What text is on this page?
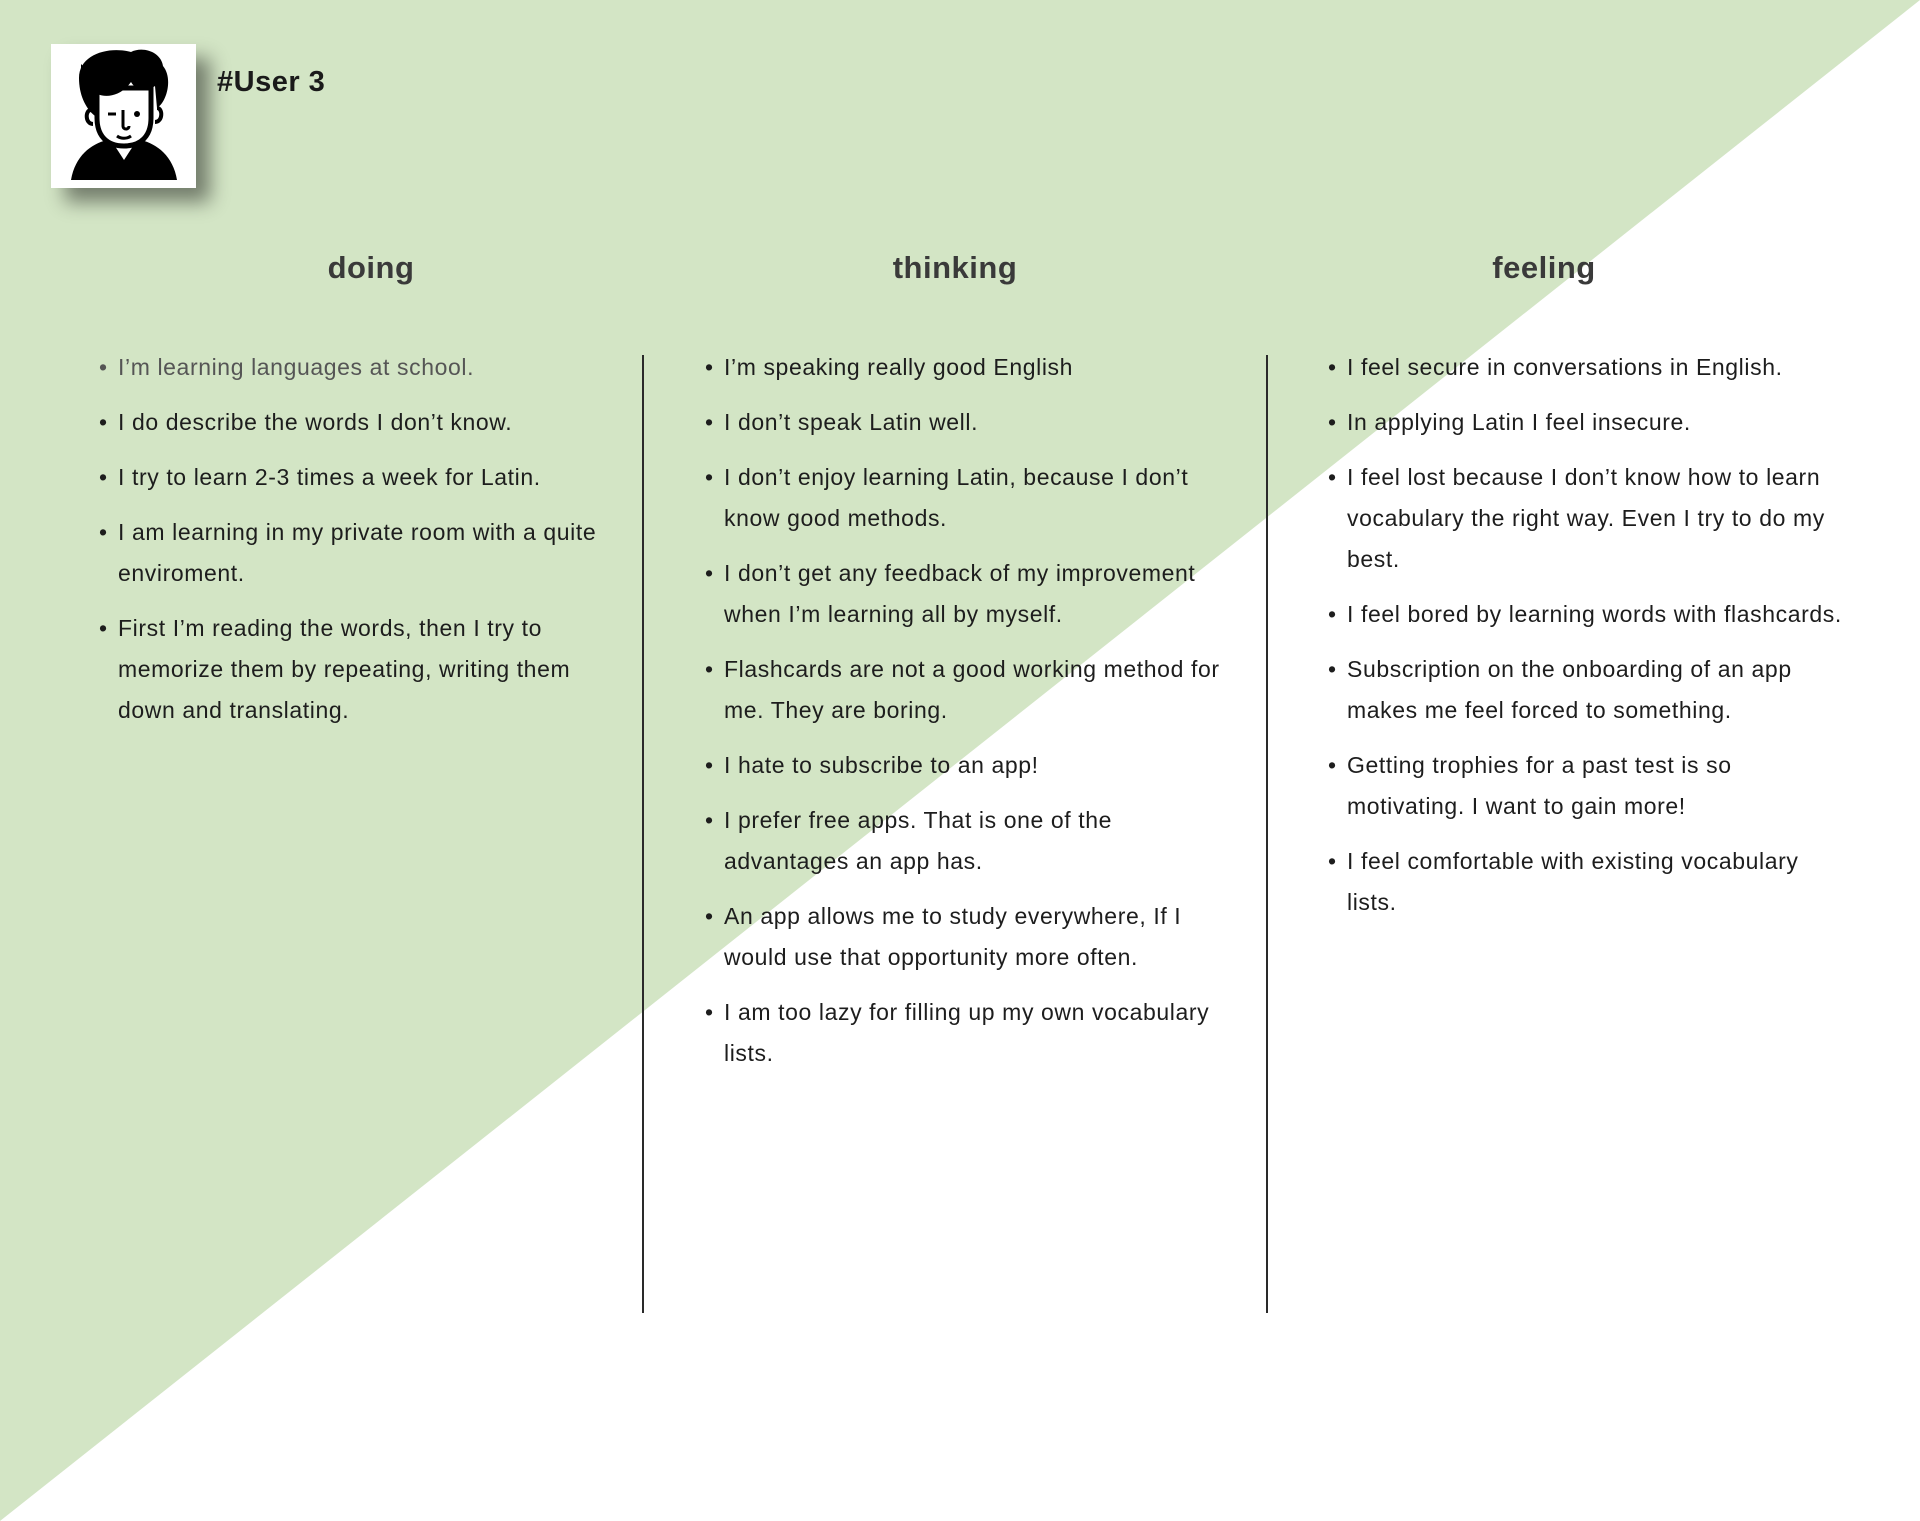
#User 3
doing	thinking	feeling
• I’m learning languages at school.
• I do describe the words I don’t know.
• I try to learn 2-3 times a week for Latin.
• I am learning in my private room with a quite enviroment.
• First I’m reading the words, then I try to memorize them by repeating, writing them down and translating.
• I’m speaking really good English
• I don’t speak Latin well.
• I don’t enjoy learning Latin, because I don’t know good methods.
• I don’t get any feedback of my improvement when I’m learning all by myself.
• Flashcards are not a good working method for me. They are boring.
• I hate to subscribe to an app!
• I prefer free apps. That is one of the advantages an app has.
• An app allows me to study everywhere, If I would use that opportunity more often.
• I am too lazy for filling up my own vocabulary lists.
• I feel secure in conversations in English.
• In applying Latin I feel insecure.
• I feel lost because I don’t know how to learn vocabulary the right way. Even I try to do my best.
• I feel bored by learning words with flashcards.
• Subscription on the onboarding of an app makes me feel forced to something.
• Getting trophies for a past test is so motivating. I want to gain more!
• I feel comfortable with existing vocabulary lists.
